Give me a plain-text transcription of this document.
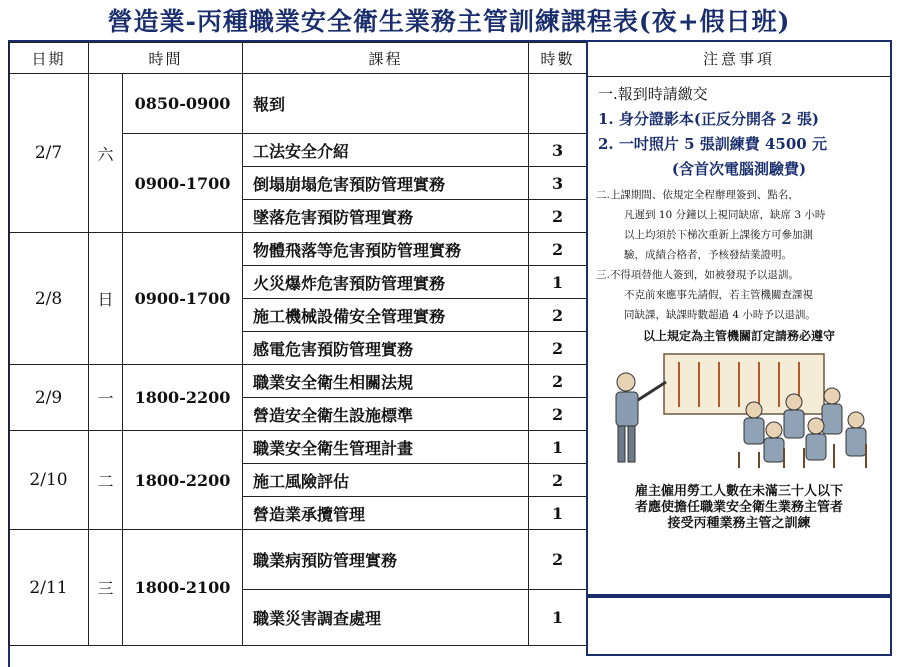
營造業-丙種職業安全衛生業務主管訓練課程表(夜+假日班)
日期	時間		課程	時數
2/7	六	0850-0900	報到	
		0900-1700	工法安全介紹	3
			倒塌崩塌危害預防管理實務	3
			墜落危害預防管理實務	2
2/8	日	0900-1700	物體飛落等危害預防管理實務	2
			火災爆炸危害預防管理實務	1
			施工機械設備安全管理實務	2
			感電危害預防管理實務	2
2/9	一	1800-2200	職業安全衛生相關法規	2
			營造安全衛生設施標準	2
2/10	二	1800-2200	職業安全衛生管理計畫	1
			施工風險評估	2
			營造業承攬管理	1
2/11	三	1800-2100	職業病預防管理實務	2
			職業災害調查處理	1
注意事項
一.報到時請繳交
1. 身分證影本(正反分開各 2 張)
2. 一吋照片 5 張訓練費 4500 元
(含首次電腦測驗費)
二.上課期間、依規定全程辦理簽到、點名，
凡遲到 10 分鐘以上視同缺席，缺席 3 小時
以上均須於下梯次重新上課後方可參加測
驗，成績合格者，予核發結業證明。
三.不得項替他人簽到，如被發現予以退訓。
不克前來應事先請假，若主管機關查課視
同缺課，缺課時數超過 4 小時予以退訓。
以上規定為主管機關訂定請務必遵守
雇主僱用勞工人數在未滿三十人以下
者應使擔任職業安全衛生業務主管者
接受丙種業務主管之訓練
